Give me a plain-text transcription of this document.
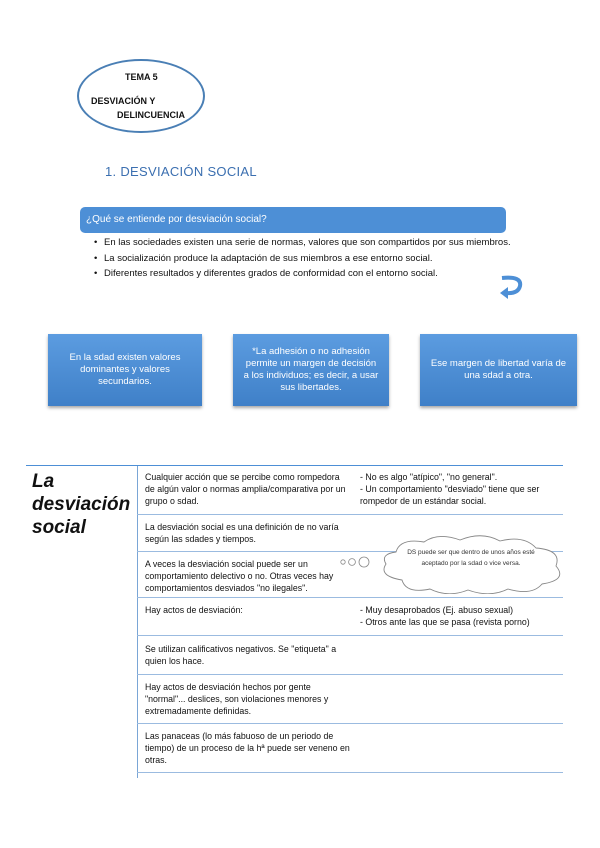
TEMA 5
DESVIACIÓN Y
DELINCUENCIA
1. DESVIACIÓN SOCIAL
¿Qué se entiende por desviación social?
• En las sociedades existen una serie de normas, valores que son compartidos por sus miembros.
• La socialización produce la adaptación de sus miembros a ese entorno social.
• Diferentes resultados y diferentes grados de conformidad con el entorno social.
En la sdad existen valores dominantes y valores secundarios.
*La adhesión o no adhesión permite un margen de decisión a los individuos; es decir, a usar sus libertades.
Ese margen de libertad varía de una sdad a otra.
La desviación social
Cualquier acción que se percibe como rompedora de algún valor o normas amplia/comparativa por un grupo o sdad.
- No es algo "atípico", "no general".
- Un comportamiento "desviado" tiene que ser rompedor de un estándar social.
La desviación social es una definición de no varía según las sdades y tiempos.
A veces la desviación social puede ser un comportamiento delectivo o no. Otras veces hay comportamientos desviados "no ilegales".
Hay actos de desviación:	- Muy desaprobados (Ej. abuso sexual)
- Otros ante las que se pasa (revista porno)
Se utilizan calificativos negativos. Se "etiqueta" a quien los hace.
Hay actos de desviación hechos por gente "normal"... deslices, son violaciones menores y extremadamente definidas.
Las panaceas (lo más fabuoso de un periodo de tiempo) de un proceso de la hª puede ser veneno en otras.
DS puede ser que dentro de unos años esté aceptado por la sdad o vice versa.
